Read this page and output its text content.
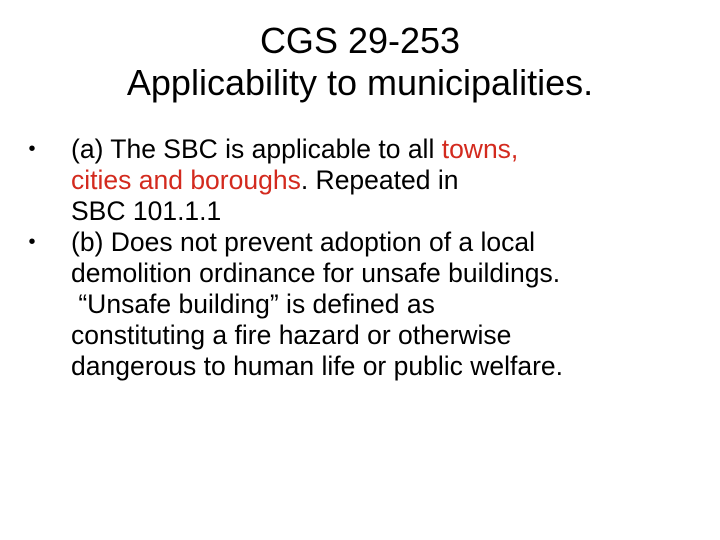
CGS 29-253
Applicability to municipalities.
• (a) The SBC is applicable to all towns,
cities and boroughs. Repeated in
SBC 101.1.1
• (b) Does not prevent adoption of a local
demolition ordinance for unsafe buildings.
“Unsafe building” is defined as
constituting a fire hazard or otherwise
dangerous to human life or public welfare.
